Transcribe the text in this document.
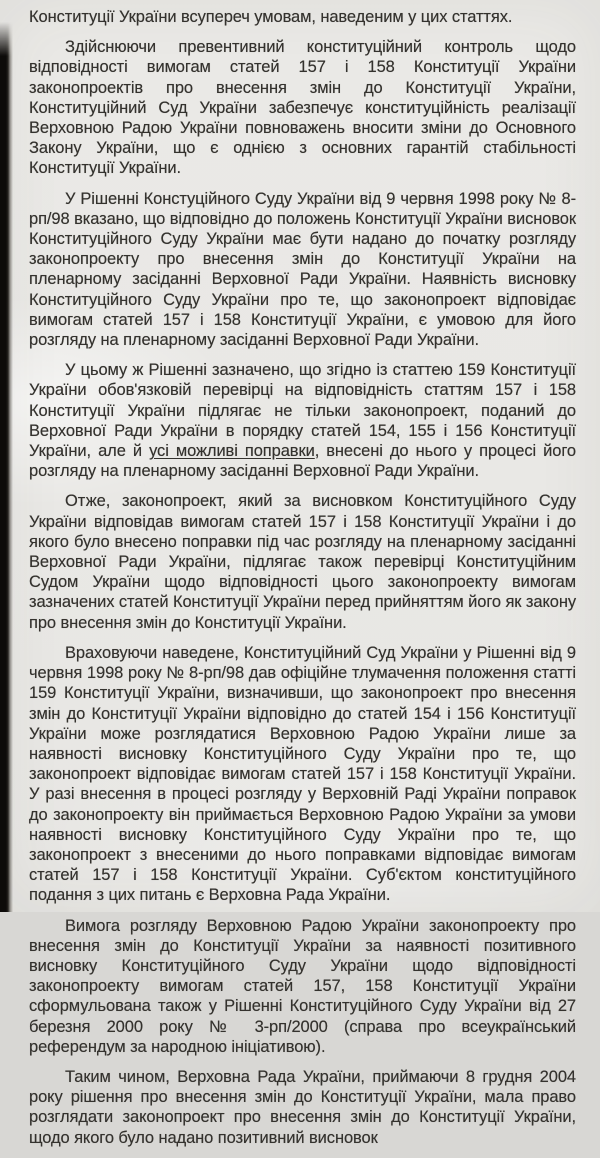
Конституції України всупереч умовам, наведеним у цих статтях.

Здійснюючи превентивний конституційний контроль щодо відповідності вимогам статей 157 і 158 Конституції України законопроектів про внесення змін до Конституції України, Конституційний Суд України забезпечує конституційність реалізації Верховною Радою України повноважень вносити зміни до Основного Закону України, що є однією з основних гарантій стабільності Конституції України.

У Рішенні Констуційного Суду України від 9 червня 1998 року № 8-рп/98 вказано, що відповідно до положень Конституції України висновок Конституційного Суду України має бути надано до початку розгляду законопроекту про внесення змін до Конституції України на пленарному засіданні Верховної Ради України. Наявність висновку Конституційного Суду України про те, що законопроект відповідає вимогам статей 157 і 158 Конституції України, є умовою для його розгляду на пленарному засіданні Верховної Ради України.

У цьому ж Рішенні зазначено, що згідно із статтею 159 Конституції України обов'язковій перевірці на відповідність статтям 157 і 158 Конституції України підлягає не тільки законопроект, поданий до Верховної Ради України в порядку статей 154, 155 і 156 Конституції України, але й усі можливі поправки, внесені до нього у процесі його розгляду на пленарному засіданні Верховної Ради України.

Отже, законопроект, який за висновком Конституційного Суду України відповідав вимогам статей 157 і 158 Конституції України і до якого було внесено поправки під час розгляду на пленарному засіданні Верховної Ради України, підлягає також перевірці Конституційним Судом України щодо відповідності цього законопроекту вимогам зазначених статей Конституції України перед прийняттям його як закону про внесення змін до Конституції України.

Враховуючи наведене, Конституційний Суд України у Рішенні від 9 червня 1998 року № 8-рп/98 дав офіційне тлумачення положення статті 159 Конституції України, визначивши, що законопроект про внесення змін до Конституції України відповідно до статей 154 і 156 Конституції України може розглядатися Верховною Радою України лише за наявності висновку Конституційного Суду України про те, що законопроект відповідає вимогам статей 157 і 158 Конституції України. У разі внесення в процесі розгляду у Верховній Раді України поправок до законопроекту він приймається Верховною Радою України за умови наявності висновку Конституційного Суду України про те, що законопроект з внесеними до нього поправками відповідає вимогам статей 157 і 158 Конституції України. Суб'єктом конституційного подання з цих питань є Верховна Рада України.

Вимога розгляду Верховною Радою України законопроекту про внесення змін до Конституції України за наявності позитивного висновку Конституційного Суду України щодо відповідності законопроекту вимогам статей 157, 158 Конституції України сформульована також у Рішенні Конституційного Суду України від 27 березня 2000 року № 3-рп/2000 (справа про всеукраїнський референдум за народною ініціативою).

Таким чином, Верховна Рада України, приймаючи 8 грудня 2004 року рішення про внесення змін до Конституції України, мала право розглядати законопроект про внесення змін до Конституції України, щодо якого було надано позитивний висновок
